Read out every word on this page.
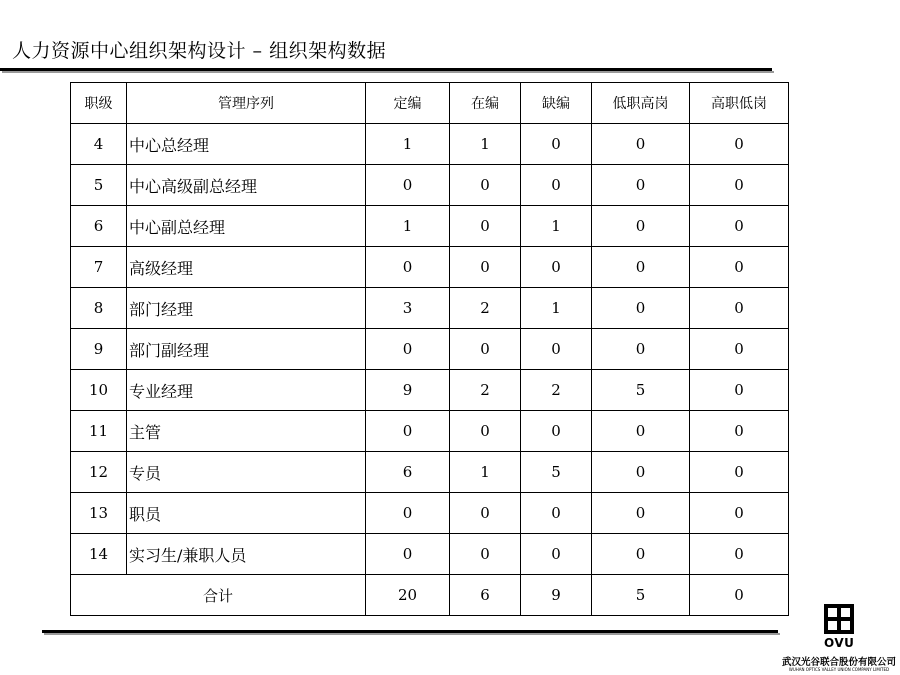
人力资源中心组织架构设计 – 组织架构数据
职级	管理序列	定编	在编	缺编	低职高岗	高职低岗
4	中心总经理	1	1	0	0	0
5	中心高级副总经理	0	0	0	0	0
6	中心副总经理	1	0	1	0	0
7	高级经理	0	0	0	0	0
8	部门经理	3	2	1	0	0
9	部门副经理	0	0	0	0	0
10	专业经理	9	2	2	5	0
11	主管	0	0	0	0	0
12	专员	6	1	5	0	0
13	职员	0	0	0	0	0
14	实习生/兼职人员	0	0	0	0	0
合计		20	6	9	5	0
OVU
武汉光谷联合股份有限公司
WUHAN OPTICS VALLEY UNION COMPANY LIMITED
